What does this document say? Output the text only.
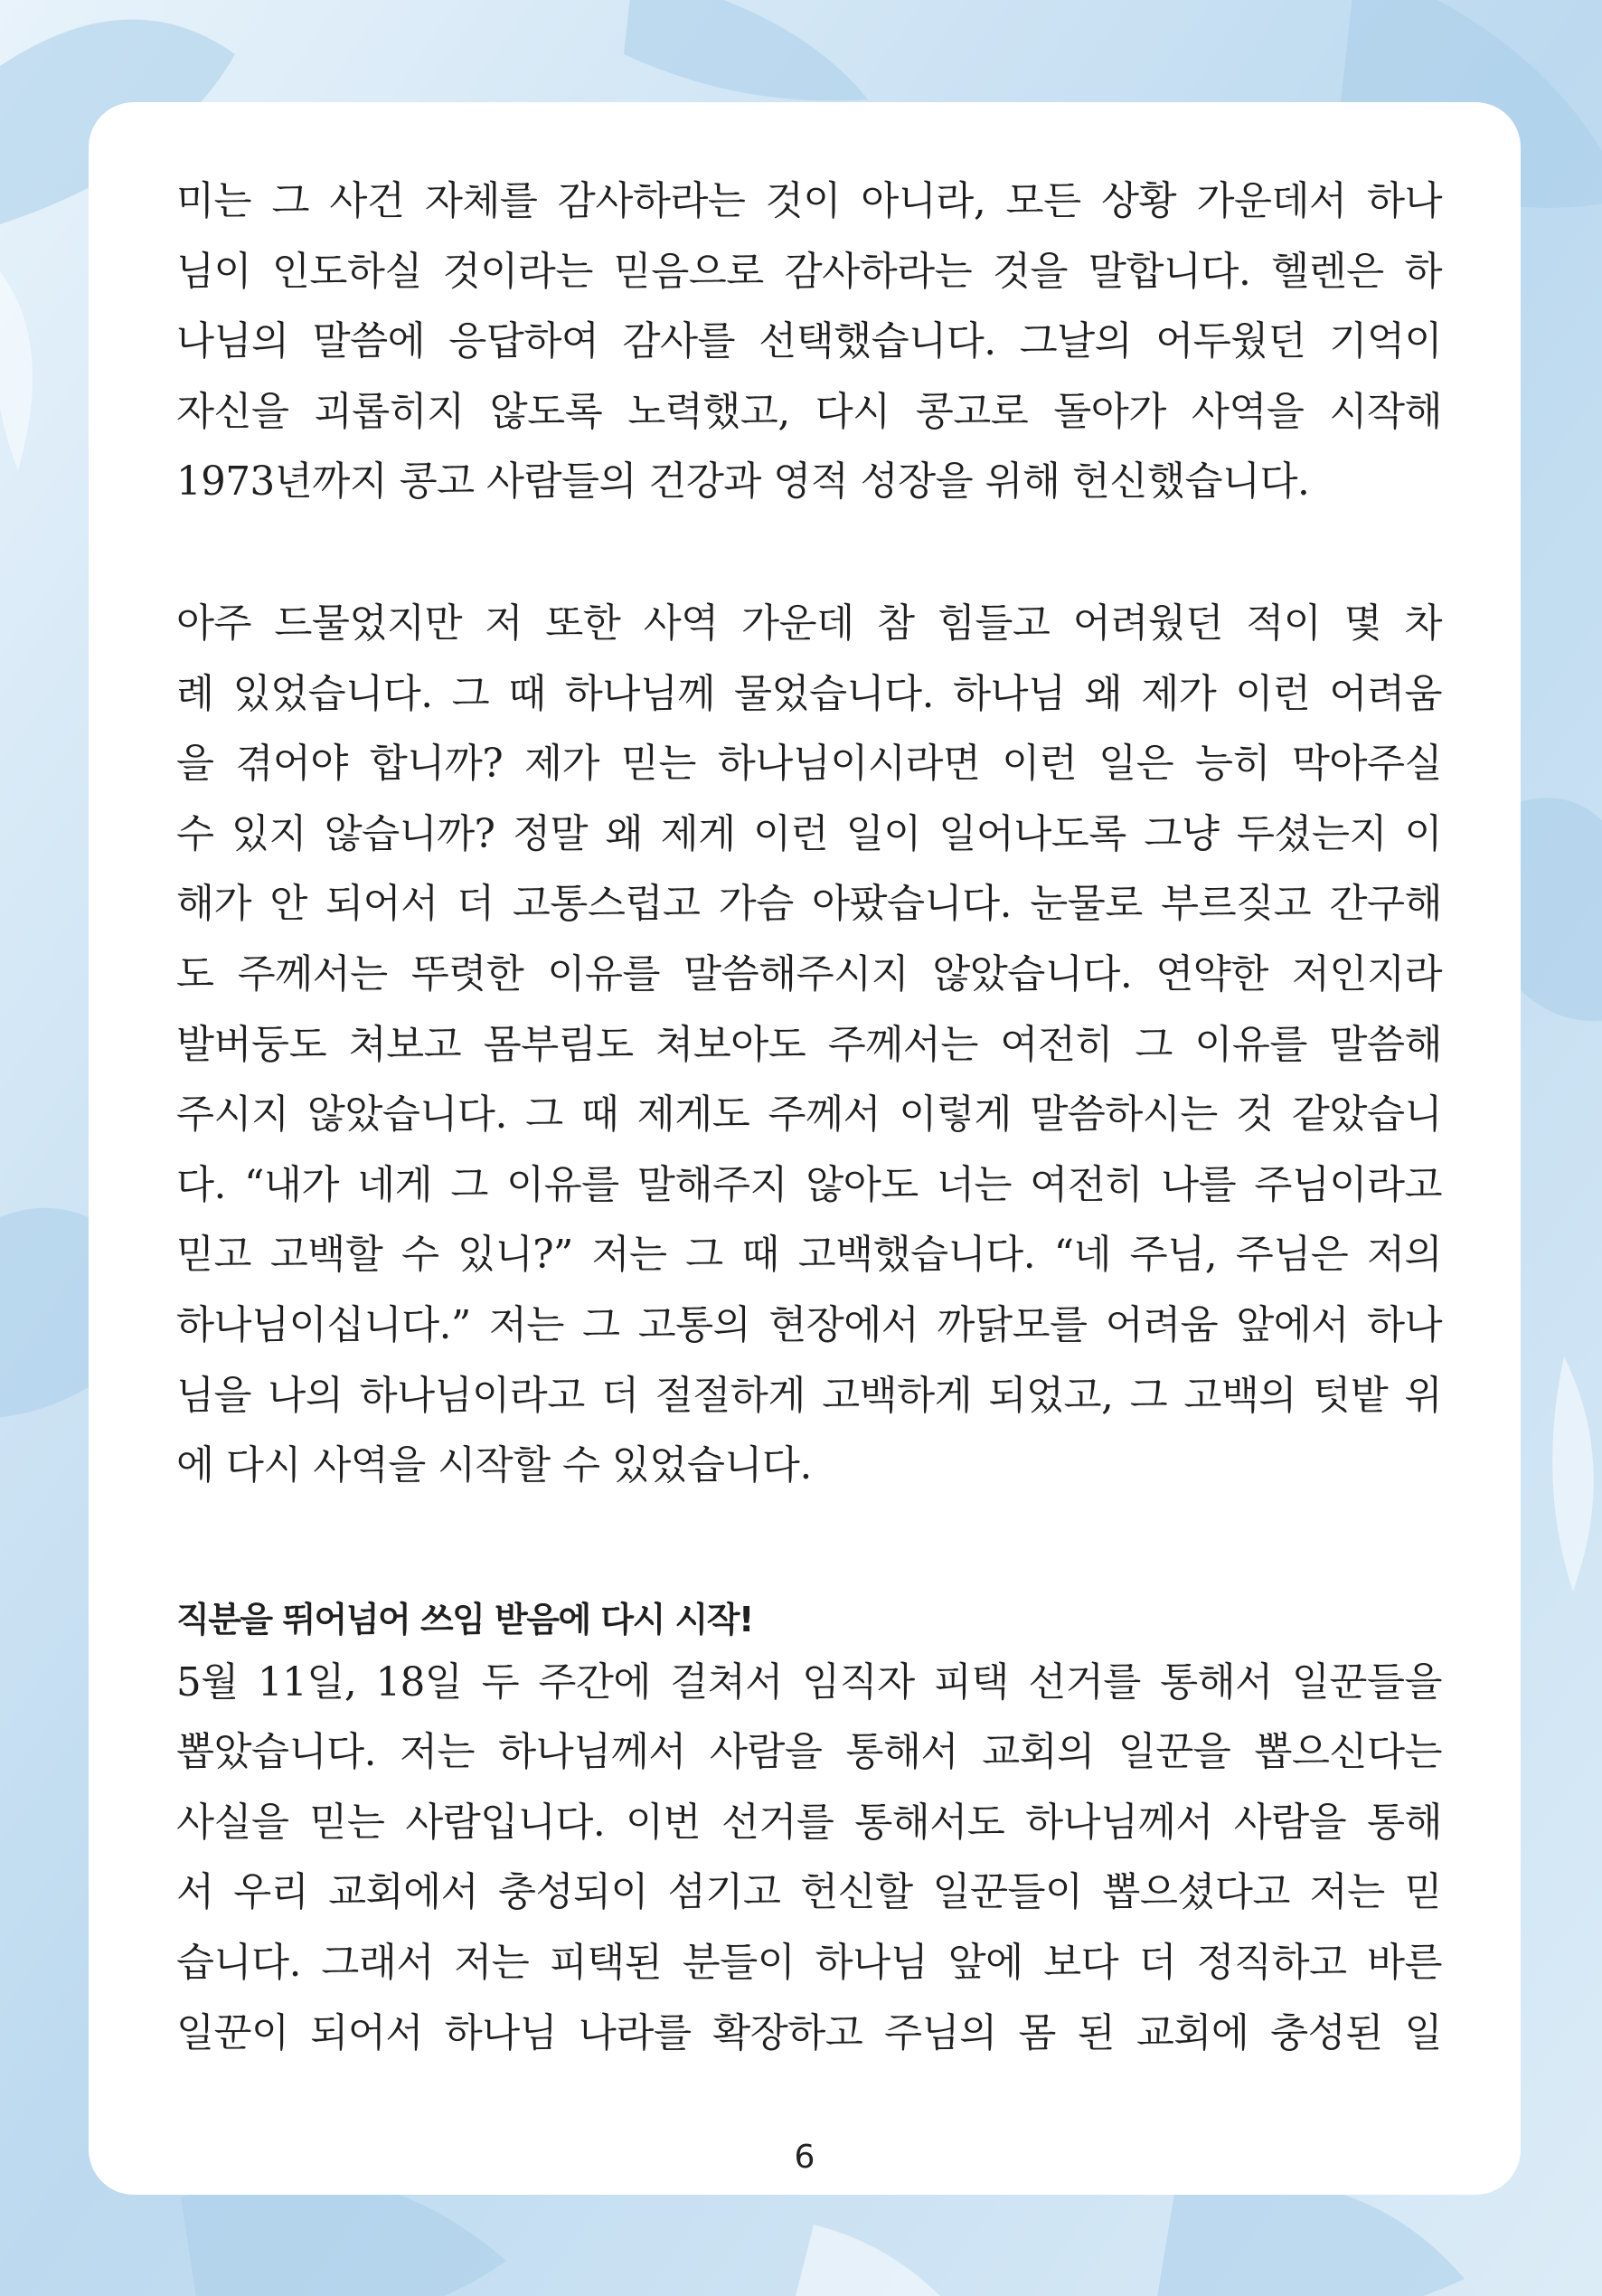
미는 그 사건 자체를 감사하라는 것이 아니라, 모든 상황 가운데서 하나
님이 인도하실 것이라는 믿음으로 감사하라는 것을 말합니다. 헬렌은 하
나님의 말씀에 응답하여 감사를 선택했습니다. 그날의 어두웠던 기억이
자신을 괴롭히지 않도록 노력했고, 다시 콩고로 돌아가 사역을 시작해
1973년까지 콩고 사람들의 건강과 영적 성장을 위해 헌신했습니다.

아주 드물었지만 저 또한 사역 가운데 참 힘들고 어려웠던 적이 몇 차
례 있었습니다. 그 때 하나님께 물었습니다. 하나님 왜 제가 이런 어려움
을 겪어야 합니까? 제가 믿는 하나님이시라면 이런 일은 능히 막아주실
수 있지 않습니까? 정말 왜 제게 이런 일이 일어나도록 그냥 두셨는지 이
해가 안 되어서 더 고통스럽고 가슴 아팠습니다. 눈물로 부르짖고 간구해
도 주께서는 뚜렷한 이유를 말씀해주시지 않았습니다. 연약한 저인지라
발버둥도 쳐보고 몸부림도 쳐보아도 주께서는 여전히 그 이유를 말씀해
주시지 않았습니다. 그 때 제게도 주께서 이렇게 말씀하시는 것 같았습니
다. “내가 네게 그 이유를 말해주지 않아도 너는 여전히 나를 주님이라고
믿고 고백할 수 있니?” 저는 그 때 고백했습니다. “네 주님, 주님은 저의
하나님이십니다.” 저는 그 고통의 현장에서 까닭모를 어려움 앞에서 하나
님을 나의 하나님이라고 더 절절하게 고백하게 되었고, 그 고백의 텃밭 위
에 다시 사역을 시작할 수 있었습니다.

직분을 뛰어넘어 쓰임 받음에 다시 시작!

5월 11일, 18일 두 주간에 걸쳐서 임직자 피택 선거를 통해서 일꾼들을
뽑았습니다. 저는 하나님께서 사람을 통해서 교회의 일꾼을 뽑으신다는
사실을 믿는 사람입니다. 이번 선거를 통해서도 하나님께서 사람을 통해
서 우리 교회에서 충성되이 섬기고 헌신할 일꾼들이 뽑으셨다고 저는 믿
습니다. 그래서 저는 피택된 분들이 하나님 앞에 보다 더 정직하고 바른
일꾼이 되어서 하나님 나라를 확장하고 주님의 몸 된 교회에 충성된 일

6
